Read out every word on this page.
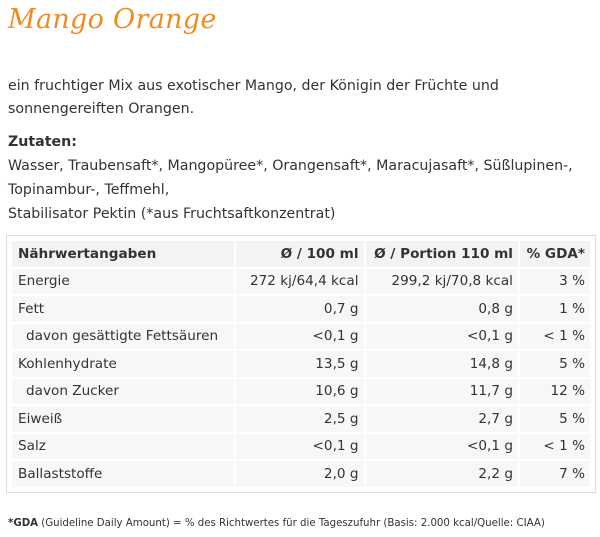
Mango Orange
ein fruchtiger Mix aus exotischer Mango, der Königin der Früchte und sonnengereiften Orangen.
Zutaten:
Wasser, Traubensaft*, Mangopüree*, Orangensaft*, Maracujasaft*, Süßlupinen-,
Topinambur-, Teffmehl,
Stabilisator Pektin (*aus Fruchtsaftkonzentrat)
Nährwertangaben	Ø / 100 ml	Ø / Portion 110 ml	% GDA*
Energie	272 kj/64,4 kcal	299,2 kj/70,8 kcal	3 %
Fett	0,7 g	0,8 g	1 %
davon gesättigte Fettsäuren	<0,1 g	<0,1 g	< 1 %
Kohlenhydrate	13,5 g	14,8 g	5 %
davon Zucker	10,6 g	11,7 g	12 %
Eiweiß	2,5 g	2,7 g	5 %
Salz	<0,1 g	<0,1 g	< 1 %
Ballaststoffe	2,0 g	2,2 g	7 %
*GDA (Guideline Daily Amount) = % des Richtwertes für die Tageszufuhr (Basis: 2.000 kcal/Quelle: CIAA)
